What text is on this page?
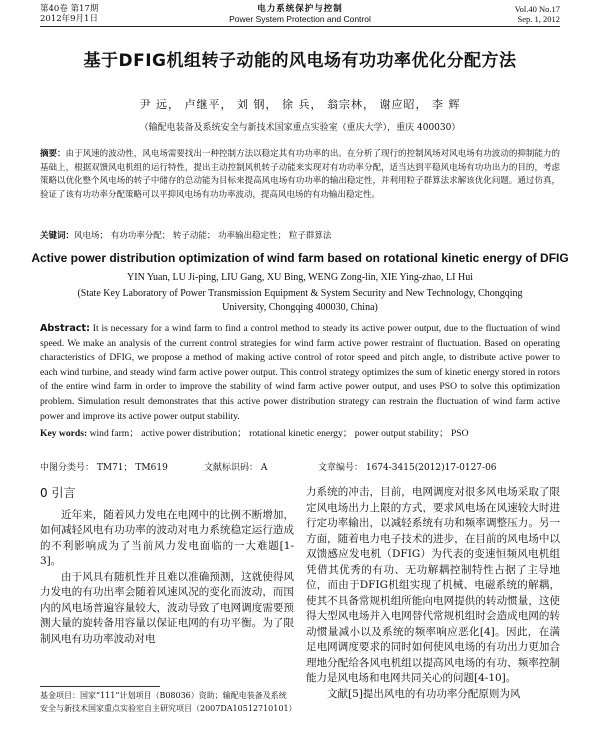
第40卷 第17期
2012年9月1日
电力系统保护与控制
Power System Protection and Control
Vol.40 No.17
Sep. 1, 2012
基于DFIG机组转子动能的风电场有功功率优化分配方法
尹 远， 卢继平， 刘 钢， 徐 兵， 翁宗林， 谢应昭， 李 辉
（输配电装备及系统安全与新技术国家重点实验室（重庆大学），重庆 400030）
摘要：由于风速的波动性，风电场需要找出一种控制方法以稳定其有功功率的出。在分析了现行的控制风场对风电场有功波动的抑制能力的基础上，根据双馈风电机组的运行特性，提出主动控制风机转子动能来实现对有功功率分配，适当达到平稳风电场有功功出力的目的，考虑策略以优化整个风电场的转子中储存的总动能为目标来提高风电场有功功率的输出稳定性，并利用粒子群算法求解该优化问题。通过仿真，验证了该有功功率分配策略可以平抑风电场有功功率波动，提高风电场的有功输出稳定性。
关键词：风电场； 有功功率分配； 转子动能； 功率输出稳定性； 粒子群算法
Active power distribution optimization of wind farm based on rotational kinetic energy of DFIG
YIN Yuan, LU Ji-ping, LIU Gang, XU Bing, WENG Zong-lin, XIE Ying-zhao, LI Hui
(State Key Laboratory of Power Transmission Equipment & System Security and New Technology, Chongqing University, Chongqing 400030, China)
Abstract: It is necessary for a wind farm to find a control method to steady its active power output, due to the fluctuation of wind speed. We make an analysis of the current control strategies for wind farm active power restraint of fluctuation. Based on operating characteristics of DFIG, we propose a method of making active control of rotor speed and pitch angle, to distribute active power to each wind turbine, and steady wind farm active power output. This control strategy optimizes the sum of kinetic energy stored in rotors of the entire wind farm in order to improve the stability of wind farm active power output, and uses PSO to solve this optimization problem. Simulation result demonstrates that this active power distribution strategy can restrain the fluctuation of wind farm active power and improve its active power output stability.
Key words: wind farm； active power distribution； rotational kinetic energy； power output stability； PSO
中图分类号： TM71； TM619	文献标识码： A	文章编号： 1674-3415(2012)17-0127-06
0 引言

近年来，随着风力发电在电网中的比例不断增加，如何减轻风电有功功率的波动对电力系统稳定运行造成的不利影响成为了当前风力发电面临的一大难题[1-3]。

由于风具有随机性并且难以准确预测，这就使得风力发电的有功出率会随着风速风况的变化而波动，而国内的风电场普遍容量较大，波动导致了电网调度需要预测大量的旋转备用容量以保证电网的有功平衡。为了限制风电有功功率波动对电

力系统的冲击，目前，电网调度对很多风电场采取了限定风电场出力上限的方式，要求风电场在风速较大时进行定功率输出，以减轻系统有功和频率调整压力。另一方面，随着电力电子技术的进步，在目前的风电场中以双馈感应发电机（DFIG）为代表的变速恒频风电机组凭借其优秀的有功、无功解耦控制特性占据了主导地位，而由于DFIG机组实现了机械、电磁系统的解耦，使其不具备常规机组所能向电网提供的转动惯量，这使得大型风电场并入电网替代常规机组时会造成电网的转动惯量减小以及系统的频率响应恶化[4]。因此，在满足电网调度要求的同时如何使风电场的有功出力更加合理地分配给各风电机组以提高风电场的有功、频率控制能力是风电场和电网共同关心的问题[4-10]。

文献[5]提出风电的有功功率分配原则为风

基金项目：国家“111”计划项目（B08036）资助；输配电装备及系统安全与新技术国家重点实验室自主研究项目（2007DA10512710101）
